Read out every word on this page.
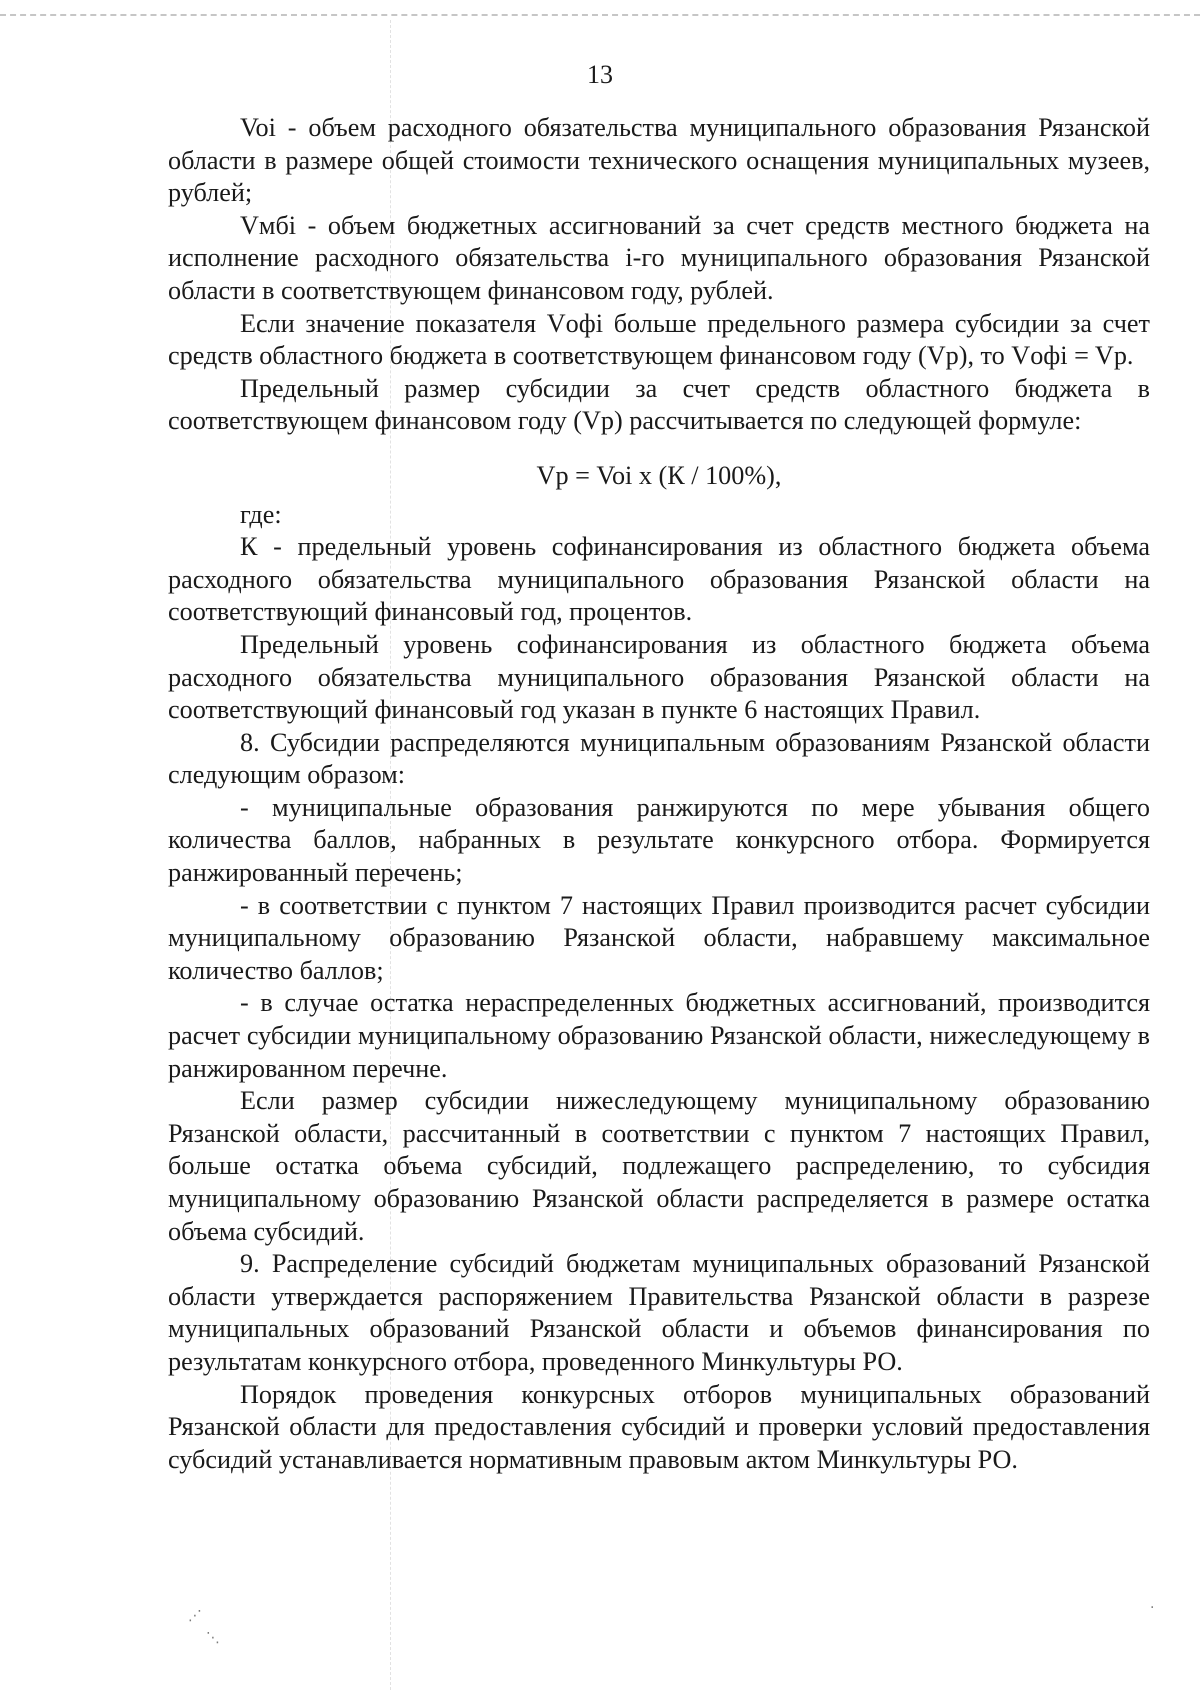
⋰
⋱
·
13

Voi - объем расходного обязательства муниципального образования Рязанской области в размере общей стоимости технического оснащения муниципальных музеев, рублей;

Vмбi - объем бюджетных ассигнований за счет средств местного бюджета на исполнение расходного обязательства i-го муниципального образования Рязанской области в соответствующем финансовом году, рублей.

Если значение показателя Vофi больше предельного размера субсидии за счет средств областного бюджета в соответствующем финансовом году (Vр), то Vофi = Vр.

Предельный размер субсидии за счет средств областного бюджета в соответствующем финансовом году (Vр) рассчитывается по следующей формуле:

Vр = Voi x (К / 100%),

где:

К - предельный уровень софинансирования из областного бюджета объема расходного обязательства муниципального образования Рязанской области на соответствующий финансовый год, процентов.

Предельный уровень софинансирования из областного бюджета объема расходного обязательства муниципального образования Рязанской области на соответствующий финансовый год указан в пункте 6 настоящих Правил.

8. Субсидии распределяются муниципальным образованиям Рязанской области следующим образом:

- муниципальные образования ранжируются по мере убывания общего количества баллов, набранных в результате конкурсного отбора. Формируется ранжированный перечень;

- в соответствии с пунктом 7 настоящих Правил производится расчет субсидии муниципальному образованию Рязанской области, набравшему максимальное количество баллов;

- в случае остатка нераспределенных бюджетных ассигнований, производится расчет субсидии муниципальному образованию Рязанской области, нижеследующему в ранжированном перечне.

Если размер субсидии нижеследующему муниципальному образованию Рязанской области, рассчитанный в соответствии с пунктом 7 настоящих Правил, больше остатка объема субсидий, подлежащего распределению, то субсидия муниципальному образованию Рязанской области распределяется в размере остатка объема субсидий.

9. Распределение субсидий бюджетам муниципальных образований Рязанской области утверждается распоряжением Правительства Рязанской области в разрезе муниципальных образований Рязанской области и объемов финансирования по результатам конкурсного отбора, проведенного Минкультуры РО.

Порядок проведения конкурсных отборов муниципальных образований Рязанской области для предоставления субсидий и проверки условий предоставления субсидий устанавливается нормативным правовым актом Минкультуры РО.
